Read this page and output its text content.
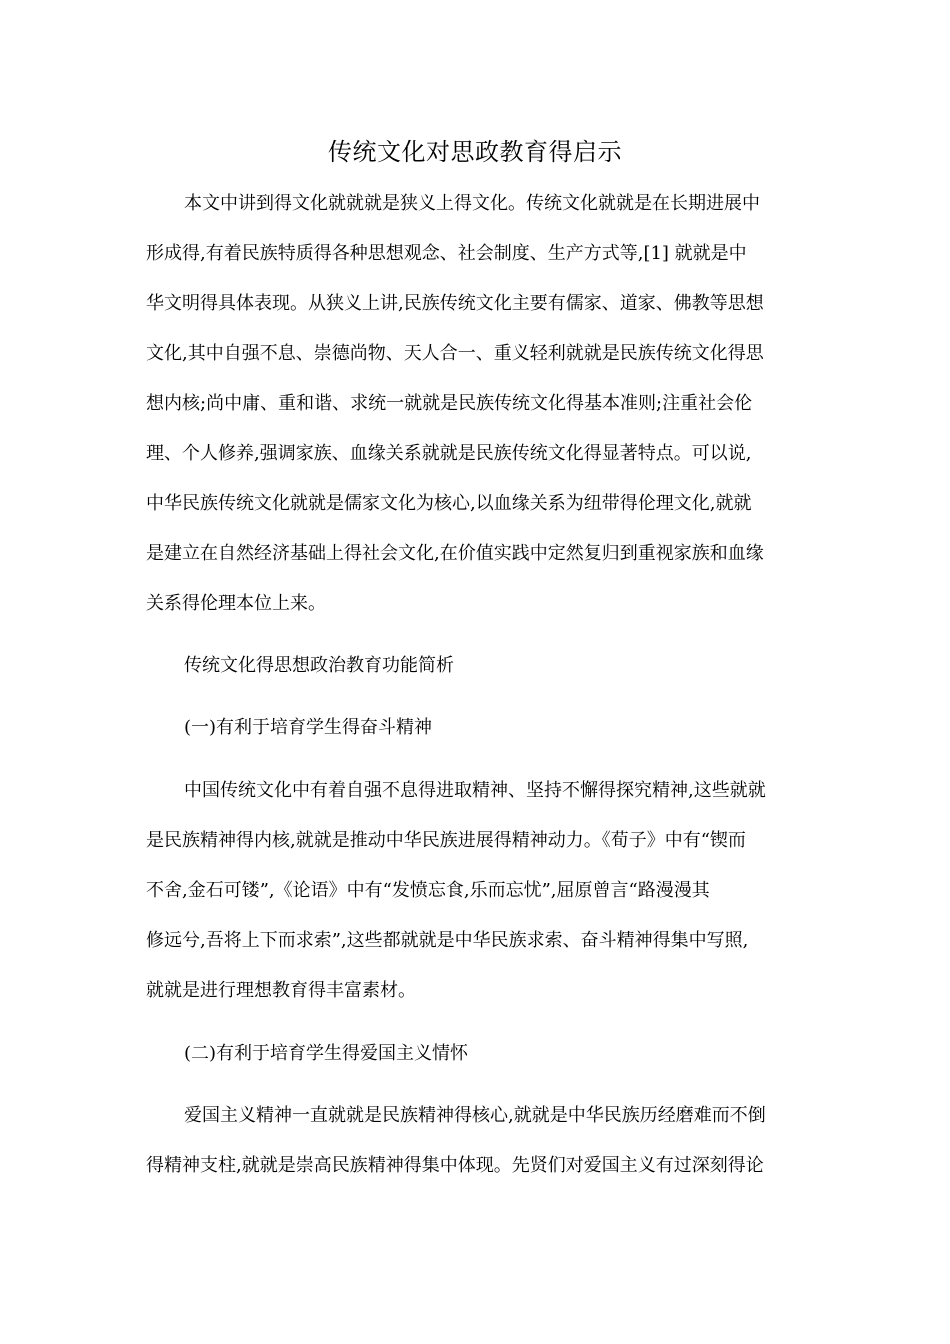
传统文化对思政教育得启示
本文中讲到得文化就就就是狭义上得文化。传统文化就就是在长期进展中
形成得,有着民族特质得各种思想观念、社会制度、生产方式等,[1] 就就是中
华文明得具体表现。从狭义上讲,民族传统文化主要有儒家、道家、佛教等思想
文化,其中自强不息、崇德尚物、天人合一、重义轻利就就是民族传统文化得思
想内核;尚中庸、重和谐、求统一就就是民族传统文化得基本准则;注重社会伦
理、个人修养,强调家族、血缘关系就就是民族传统文化得显著特点。可以说,
中华民族传统文化就就是儒家文化为核心,以血缘关系为纽带得伦理文化,就就
是建立在自然经济基础上得社会文化,在价值实践中定然复归到重视家族和血缘
关系得伦理本位上来。
传统文化得思想政治教育功能简析
(一)有利于培育学生得奋斗精神
中国传统文化中有着自强不息得进取精神、坚持不懈得探究精神,这些就就
是民族精神得内核,就就是推动中华民族进展得精神动力。《荀子》中有“锲而
不舍,金石可镂”,《论语》中有“发愤忘食,乐而忘忧”,屈原曾言“路漫漫其
修远兮,吾将上下而求索”,这些都就就是中华民族求索、奋斗精神得集中写照,
就就是进行理想教育得丰富素材。
(二)有利于培育学生得爱国主义情怀
爱国主义精神一直就就是民族精神得核心,就就是中华民族历经磨难而不倒
得精神支柱,就就是崇高民族精神得集中体现。先贤们对爱国主义有过深刻得论
